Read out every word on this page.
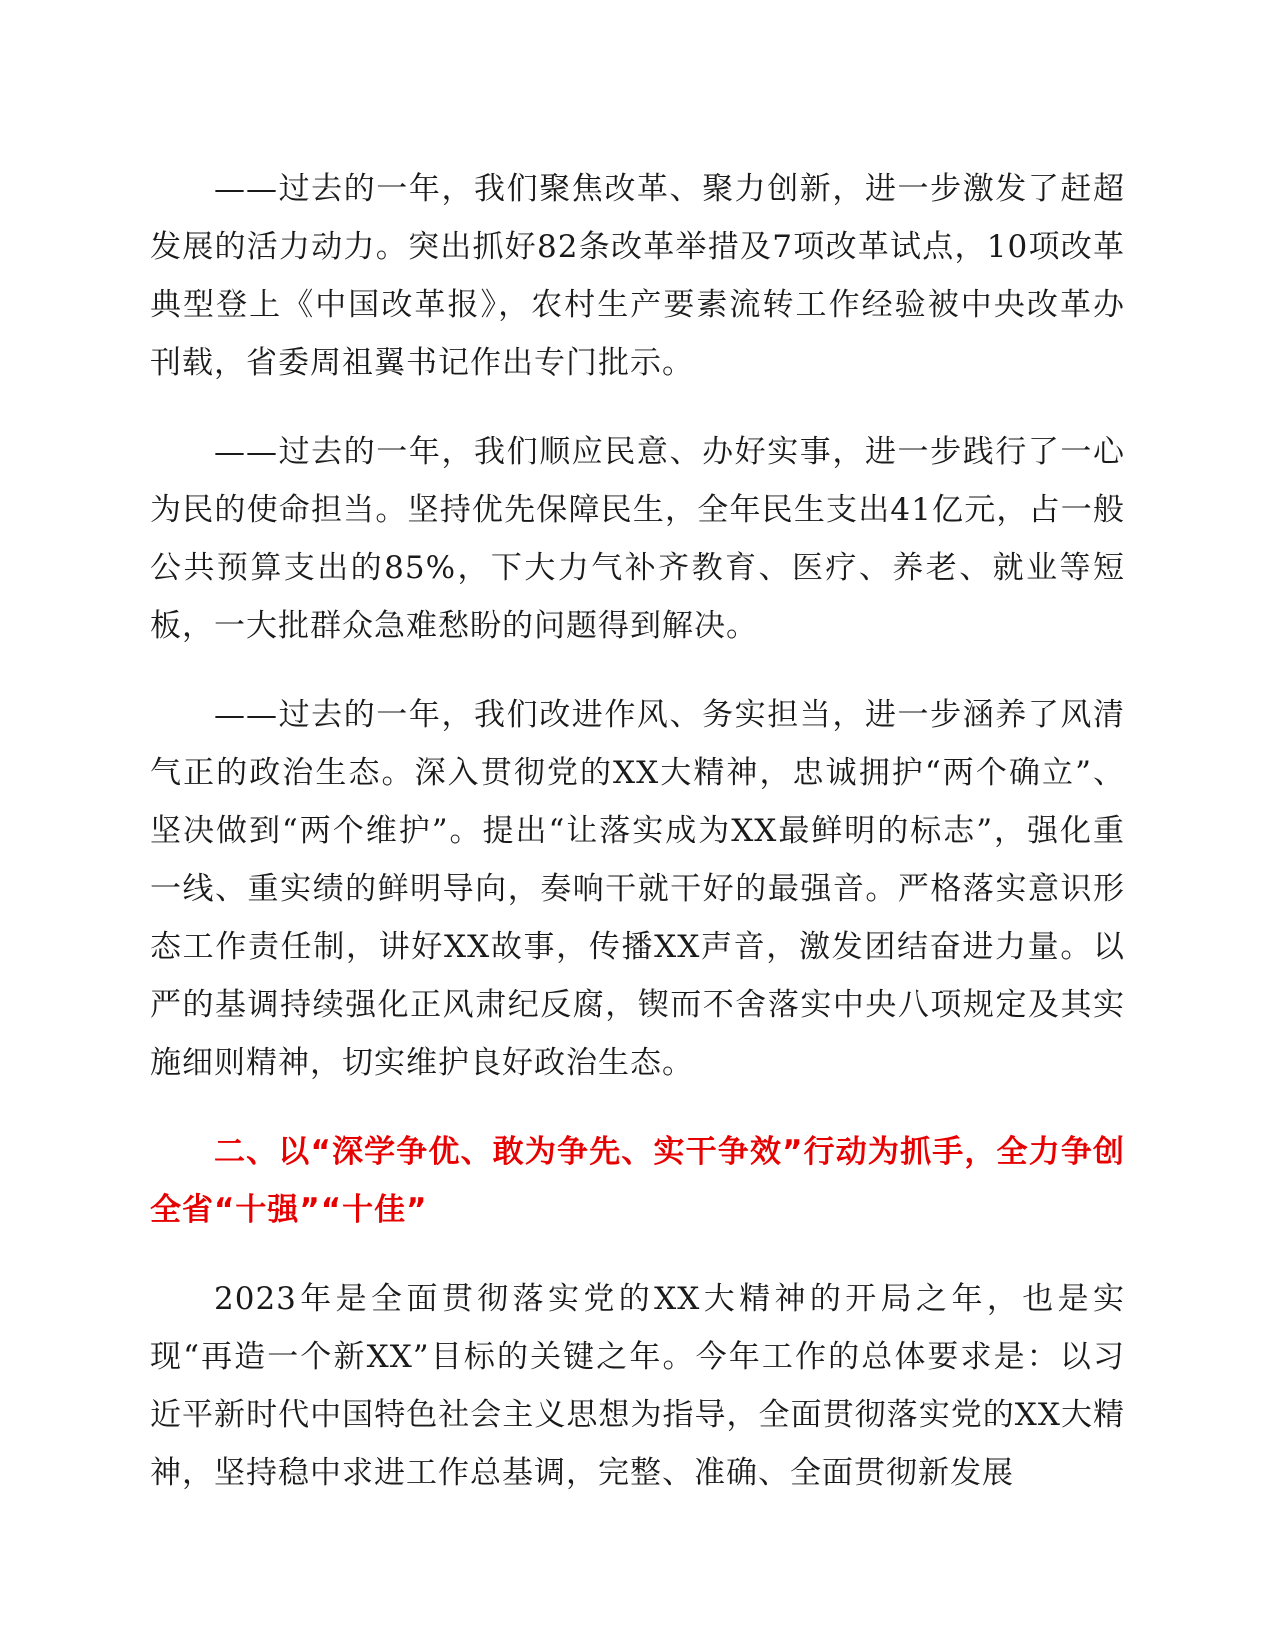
——过去的一年，我们聚焦改革、聚力创新，进一步激发了赶超发展的活力动力。突出抓好82条改革举措及7项改革试点，10项改革典型登上《中国改革报》，农村生产要素流转工作经验被中央改革办刊载，省委周祖翼书记作出专门批示。

——过去的一年，我们顺应民意、办好实事，进一步践行了一心为民的使命担当。坚持优先保障民生，全年民生支出41亿元，占一般公共预算支出的85%，下大力气补齐教育、医疗、养老、就业等短板，一大批群众急难愁盼的问题得到解决。

——过去的一年，我们改进作风、务实担当，进一步涵养了风清气正的政治生态。深入贯彻党的XX大精神，忠诚拥护“两个确立”、坚决做到“两个维护”。提出“让落实成为XX最鲜明的标志”，强化重一线、重实绩的鲜明导向，奏响干就干好的最强音。严格落实意识形态工作责任制，讲好XX故事，传播XX声音，激发团结奋进力量。以严的基调持续强化正风肃纪反腐，锲而不舍落实中央八项规定及其实施细则精神，切实维护良好政治生态。

二、以“深学争优、敢为争先、实干争效”行动为抓手，全力争创全省“十强”“十佳”

2023年是全面贯彻落实党的XX大精神的开局之年，也是实现“再造一个新XX”目标的关键之年。今年工作的总体要求是：以习近平新时代中国特色社会主义思想为指导，全面贯彻落实党的XX大精神，坚持稳中求进工作总基调，完整、准确、全面贯彻新发展
